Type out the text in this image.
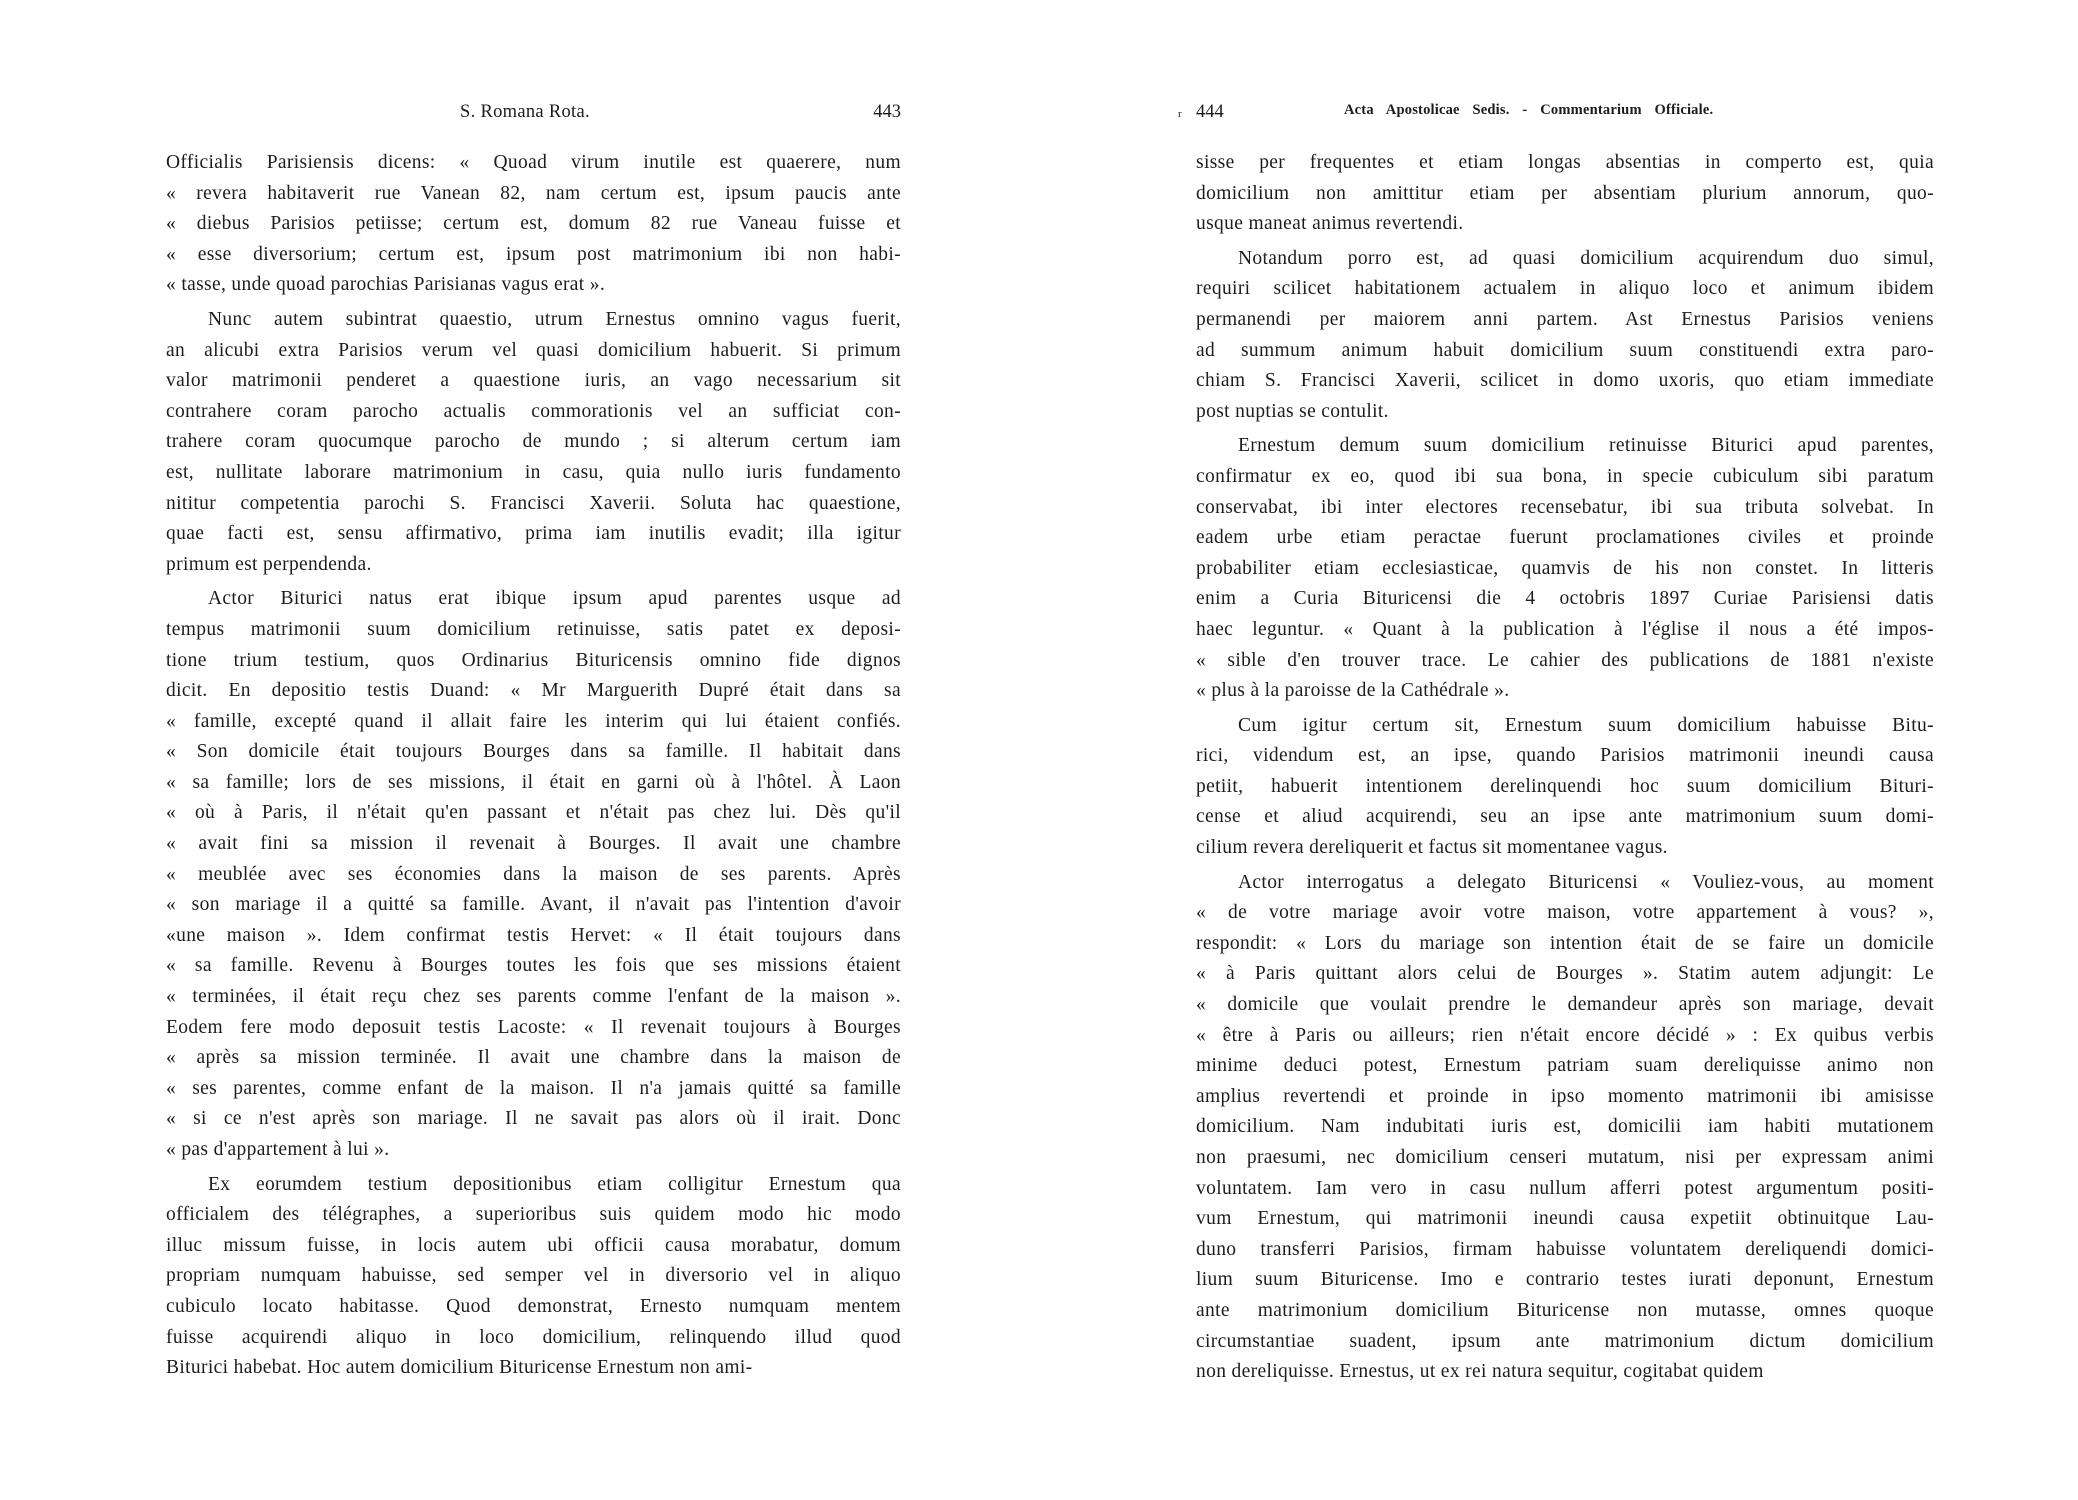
S. Romana Rota.	443
Officialis Parisiensis dicens: « Quoad virum inutile est quaerere, num
« revera habitaverit rue Vanean 82, nam certum est, ipsum paucis ante
« diebus Parisios petiisse; certum est, domum 82 rue Vaneau fuisse et
« esse diversorium; certum est, ipsum post matrimonium ibi non habi-
« tasse, unde quoad parochias Parisianas vagus erat ».
Nunc autem subintrat quaestio, utrum Ernestus omnino vagus fuerit,
an alicubi extra Parisios verum vel quasi domicilium habuerit. Si primum
valor matrimonii penderet a quaestione iuris, an vago necessarium sit
contrahere coram parocho actualis commorationis vel an sufficiat con-
trahere coram quocumque parocho de mundo ; si alterum certum iam
est, nullitate laborare matrimonium in casu, quia nullo iuris fundamento
nititur competentia parochi S. Francisci Xaverii. Soluta hac quaestione,
quae facti est, sensu affirmativo, prima iam inutilis evadit; illa igitur
primum est perpendenda.
Actor Biturici natus erat ibique ipsum apud parentes usque ad
tempus matrimonii suum domicilium retinuisse, satis patet ex deposi-
tione trium testium, quos Ordinarius Bituricensis omnino fide dignos
dicit. En depositio testis Duand: « Mr Marguerith Dupré était dans sa
« famille, excepté quand il allait faire les interim qui lui étaient confiés.
« Son domicile était toujours Bourges dans sa famille. Il habitait dans
« sa famille; lors de ses missions, il était en garni où à l'hôtel. À Laon
« où à Paris, il n'était qu'en passant et n'était pas chez lui. Dès qu'il
« avait fini sa mission il revenait à Bourges. Il avait une chambre
« meublée avec ses économies dans la maison de ses parents. Après
« son mariage il a quitté sa famille. Avant, il n'avait pas l'intention d'avoir
«une maison ». Idem confirmat testis Hervet: « Il était toujours dans
« sa famille. Revenu à Bourges toutes les fois que ses missions étaient
« terminées, il était reçu chez ses parents comme l'enfant de la maison ».
Eodem fere modo deposuit testis Lacoste: « Il revenait toujours à Bourges
« après sa mission terminée. Il avait une chambre dans la maison de
« ses parentes, comme enfant de la maison. Il n'a jamais quitté sa famille
« si ce n'est après son mariage. Il ne savait pas alors où il irait. Donc
« pas d'appartement à lui ».
Ex eorumdem testium depositionibus etiam colligitur Ernestum qua
officialem des télégraphes, a superioribus suis quidem modo hic modo
illuc missum fuisse, in locis autem ubi officii causa morabatur, domum
propriam numquam habuisse, sed semper vel in diversorio vel in aliquo
cubiculo locato habitasse. Quod demonstrat, Ernesto numquam mentem
fuisse acquirendi aliquo in loco domicilium, relinquendo illud quod
Biturici habebat. Hoc autem domicilium Bituricense Ernestum non ami-
r 444	Acta Apostolicae Sedis. - Commentarium Officiale.
sisse per frequentes et etiam longas absentias in comperto est, quia
domicilium non amittitur etiam per absentiam plurium annorum, quo-
usque maneat animus revertendi.
Notandum porro est, ad quasi domicilium acquirendum duo simul,
requiri scilicet habitationem actualem in aliquo loco et animum ibidem
permanendi per maiorem anni partem. Ast Ernestus Parisios veniens
ad summum animum habuit domicilium suum constituendi extra paro-
chiam S. Francisci Xaverii, scilicet in domo uxoris, quo etiam immediate
post nuptias se contulit.
Ernestum demum suum domicilium retinuisse Biturici apud parentes,
confirmatur ex eo, quod ibi sua bona, in specie cubiculum sibi paratum
conservabat, ibi inter electores recensebatur, ibi sua tributa solvebat. In
eadem urbe etiam peractae fuerunt proclamationes civiles et proinde
probabiliter etiam ecclesiasticae, quamvis de his non constet. In litteris
enim a Curia Bituricensi die 4 octobris 1897 Curiae Parisiensi datis
haec leguntur. « Quant à la publication à l'église il nous a été impos-
« sible d'en trouver trace. Le cahier des publications de 1881 n'existe
« plus à la paroisse de la Cathédrale ».
Cum igitur certum sit, Ernestum suum domicilium habuisse Bitu-
rici, videndum est, an ipse, quando Parisios matrimonii ineundi causa
petiit, habuerit intentionem derelinquendi hoc suum domicilium Bituri-
cense et aliud acquirendi, seu an ipse ante matrimonium suum domi-
cilium revera dereliquerit et factus sit momentanee vagus.
Actor interrogatus a delegato Bituricensi « Vouliez-vous, au moment
« de votre mariage avoir votre maison, votre appartement à vous? »,
respondit: « Lors du mariage son intention était de se faire un domicile
« à Paris quittant alors celui de Bourges ». Statim autem adjungit: Le
« domicile que voulait prendre le demandeur après son mariage, devait
« être à Paris ou ailleurs; rien n'était encore décidé » : Ex quibus verbis
minime deduci potest, Ernestum patriam suam dereliquisse animo non
amplius revertendi et proinde in ipso momento matrimonii ibi amisisse
domicilium. Nam indubitati iuris est, domicilii iam habiti mutationem
non praesumi, nec domicilium censeri mutatum, nisi per expressam animi
voluntatem. Iam vero in casu nullum afferri potest argumentum positi-
vum Ernestum, qui matrimonii ineundi causa expetiit obtinuitque Lau-
duno transferri Parisios, firmam habuisse voluntatem dereliquendi domici-
lium suum Bituricense. Imo e contrario testes iurati deponunt, Ernestum
ante matrimonium domicilium Bituricense non mutasse, omnes quoque
circumstantiae suadent, ipsum ante matrimonium dictum domicilium
non dereliquisse. Ernestus, ut ex rei natura sequitur, cogitabat quidem
